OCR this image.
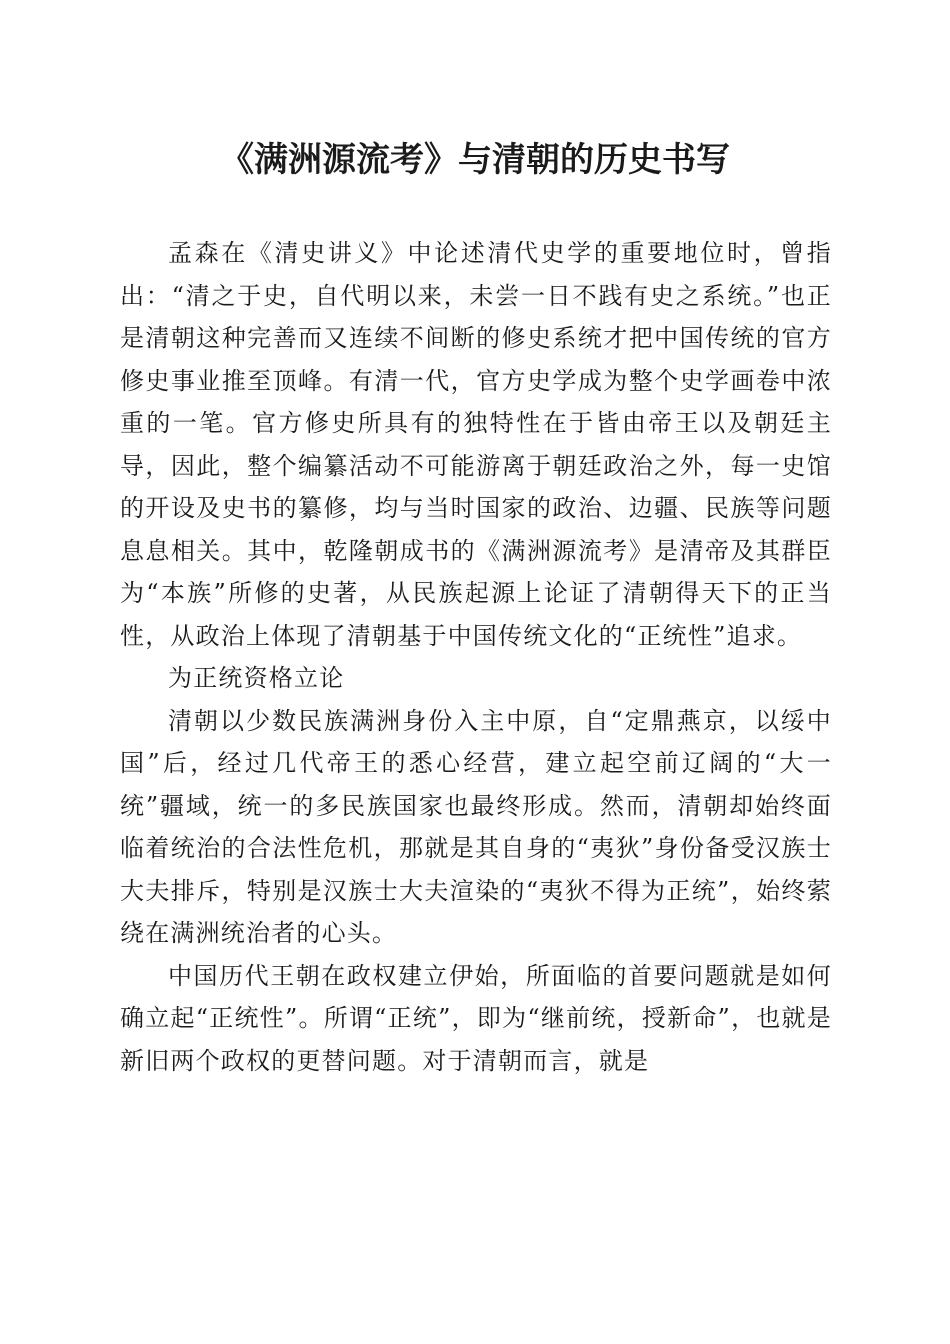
《满洲源流考》与清朝的历史书写

孟森在《清史讲义》中论述清代史学的重要地位时，曾指出：“清之于史，自代明以来，未尝一日不践有史之系统。”也正是清朝这种完善而又连续不间断的修史系统才把中国传统的官方修史事业推至顶峰。有清一代，官方史学成为整个史学画卷中浓重的一笔。官方修史所具有的独特性在于皆由帝王以及朝廷主导，因此，整个编纂活动不可能游离于朝廷政治之外，每一史馆的开设及史书的纂修，均与当时国家的政治、边疆、民族等问题息息相关。其中，乾隆朝成书的《满洲源流考》是清帝及其群臣为“本族”所修的史著，从民族起源上论证了清朝得天下的正当性，从政治上体现了清朝基于中国传统文化的“正统性”追求。

为正统资格立论

清朝以少数民族满洲身份入主中原，自“定鼎燕京，以绥中国”后，经过几代帝王的悉心经营，建立起空前辽阔的“大一统”疆域，统一的多民族国家也最终形成。然而，清朝却始终面临着统治的合法性危机，那就是其自身的“夷狄”身份备受汉族士大夫排斥，特别是汉族士大夫渲染的“夷狄不得为正统”，始终萦绕在满洲统治者的心头。

中国历代王朝在政权建立伊始，所面临的首要问题就是如何确立起“正统性”。所谓“正统”，即为“继前统，授新命”，也就是新旧两个政权的更替问题。对于清朝而言，就是
